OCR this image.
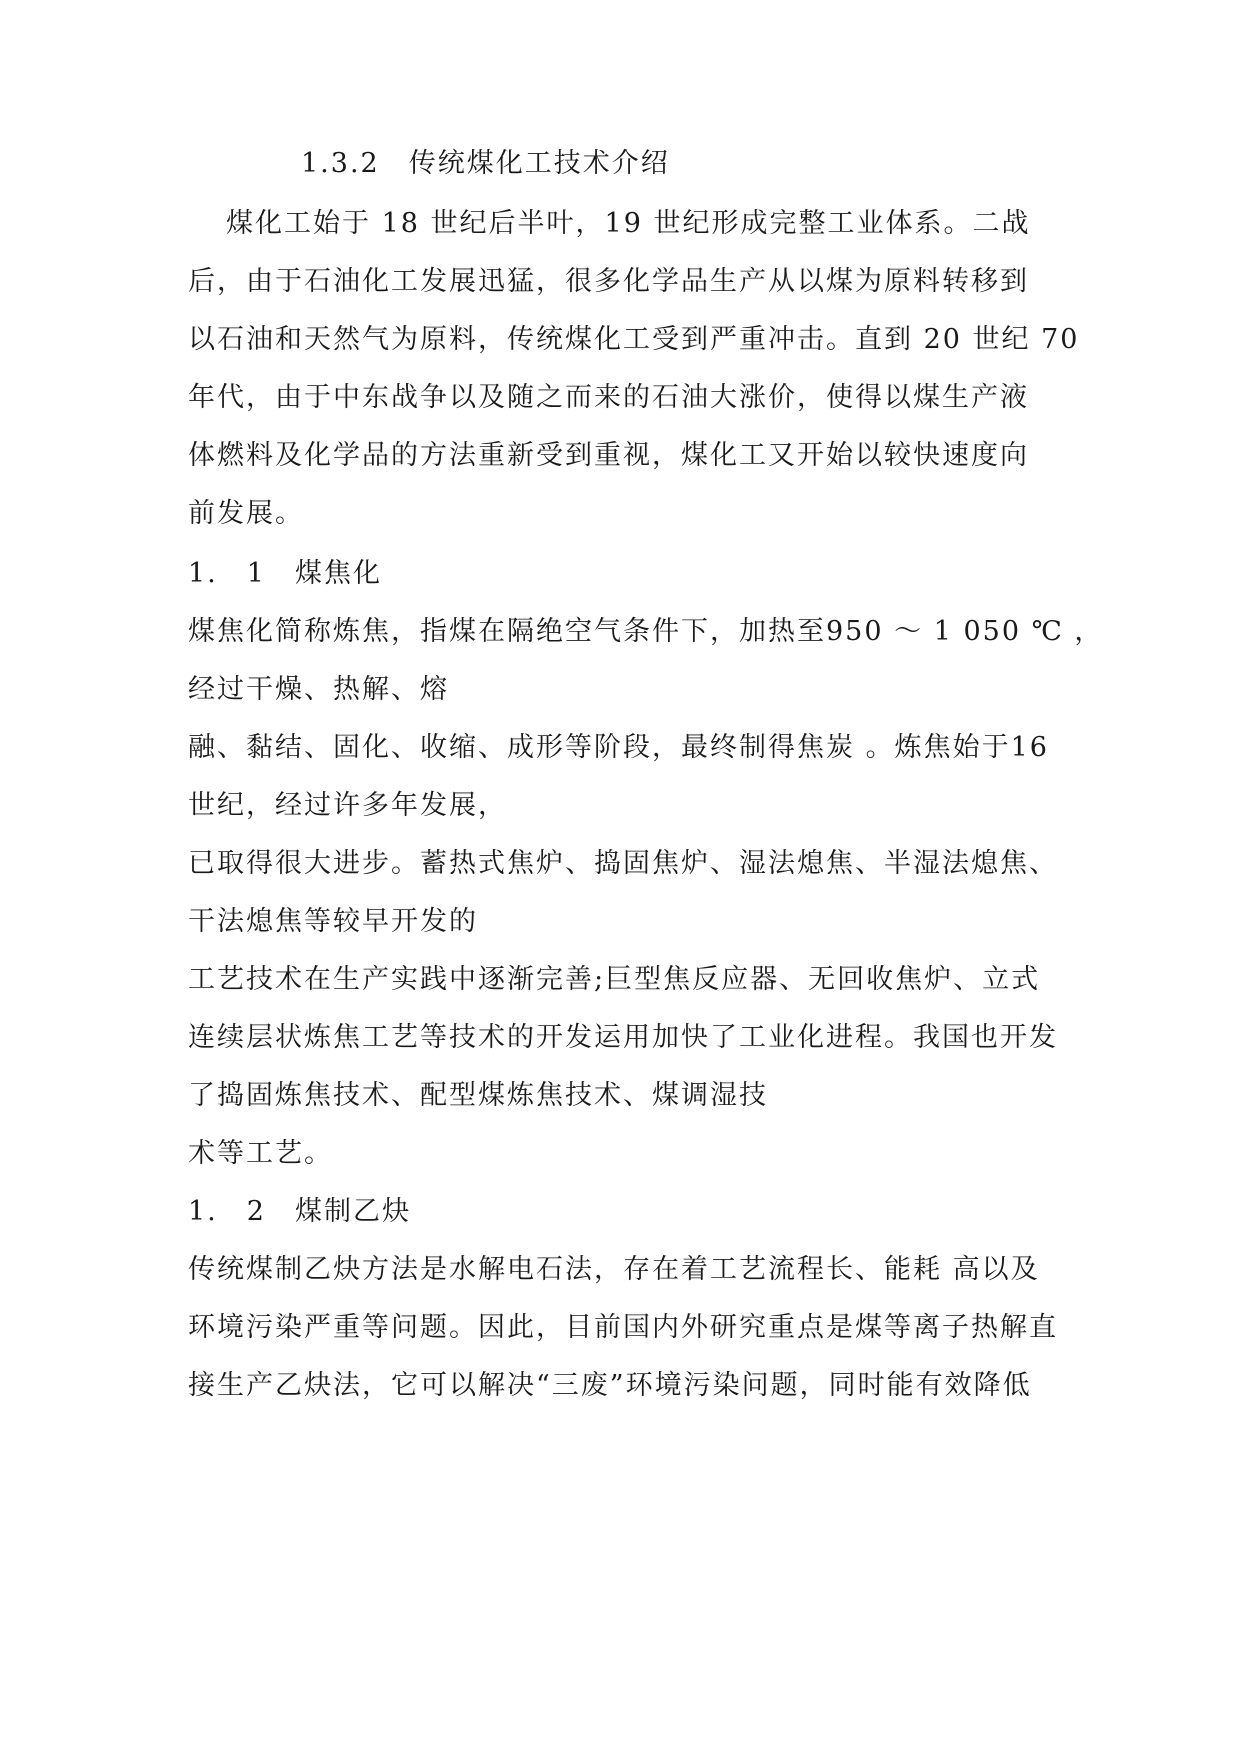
1.3.2　传统煤化工技术介绍
煤化工始于 18 世纪后半叶，19 世纪形成完整工业体系。二战
后，由于石油化工发展迅猛，很多化学品生产从以煤为原料转移到
以石油和天然气为原料，传统煤化工受到严重冲击。直到 20 世纪 70
年代，由于中东战争以及随之而来的石油大涨价，使得以煤生产液
体燃料及化学品的方法重新受到重视，煤化工又开始以较快速度向
前发展。
1.　1　煤焦化
煤焦化简称炼焦，指煤在隔绝空气条件下，加热至950 ～ 1 050 ℃ ，
经过干燥、热解、熔
融、黏结、固化、收缩、成形等阶段，最终制得焦炭 。炼焦始于16
世纪，经过许多年发展，
已取得很大进步。蓄热式焦炉、捣固焦炉、湿法熄焦、半湿法熄焦、
干法熄焦等较早开发的
工艺技术在生产实践中逐渐完善;巨型焦反应器、无回收焦炉、立式
连续层状炼焦工艺等技术的开发运用加快了工业化进程。我国也开发
了捣固炼焦技术、配型煤炼焦技术、煤调湿技
术等工艺。
1.　2　煤制乙炔
传统煤制乙炔方法是水解电石法，存在着工艺流程长、能耗 高以及
环境污染严重等问题。因此，目前国内外研究重点是煤等离子热解直
接生产乙炔法，它可以解决“三废”环境污染问题，同时能有效降低
